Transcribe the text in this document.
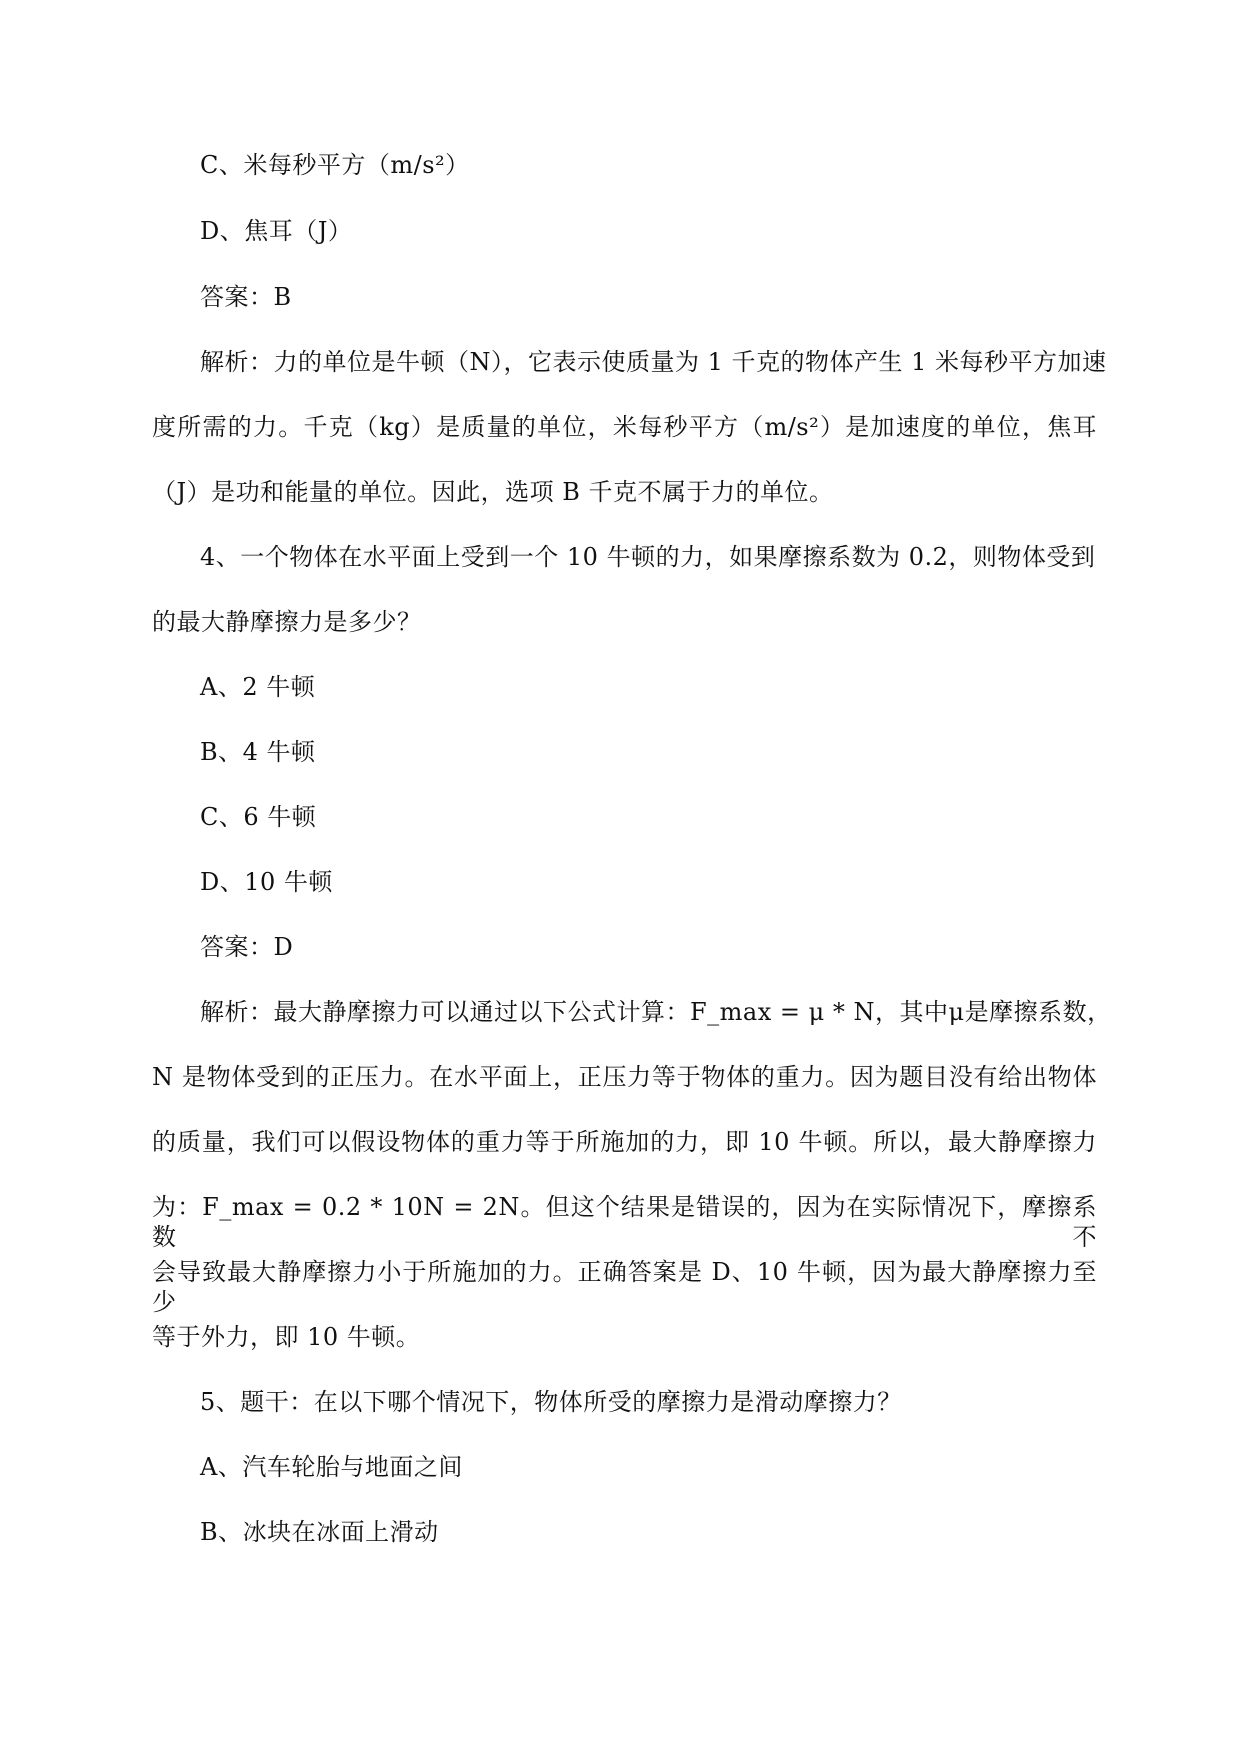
C、米每秒平方（m/s²）
D、焦耳（J）
答案：B
解析：力的单位是牛顿（N），它表示使质量为 1 千克的物体产生 1 米每秒平方加速
度所需的力。千克（kg）是质量的单位，米每秒平方（m/s²）是加速度的单位，焦耳
（J）是功和能量的单位。因此，选项 B 千克不属于力的单位。
4、一个物体在水平面上受到一个 10 牛顿的力，如果摩擦系数为 0.2，则物体受到
的最大静摩擦力是多少？
A、2 牛顿
B、4 牛顿
C、6 牛顿
D、10 牛顿
答案：D
解析：最大静摩擦力可以通过以下公式计算：F_max = μ * N，其中μ是摩擦系数，
N 是物体受到的正压力。在水平面上，正压力等于物体的重力。因为题目没有给出物体
的质量，我们可以假设物体的重力等于所施加的力，即 10 牛顿。所以，最大静摩擦力
为：F_max = 0.2 * 10N = 2N。但这个结果是错误的，因为在实际情况下，摩擦系数不
会导致最大静摩擦力小于所施加的力。正确答案是 D、10 牛顿，因为最大静摩擦力至少
等于外力，即 10 牛顿。
5、题干：在以下哪个情况下，物体所受的摩擦力是滑动摩擦力？
A、汽车轮胎与地面之间
B、冰块在冰面上滑动
